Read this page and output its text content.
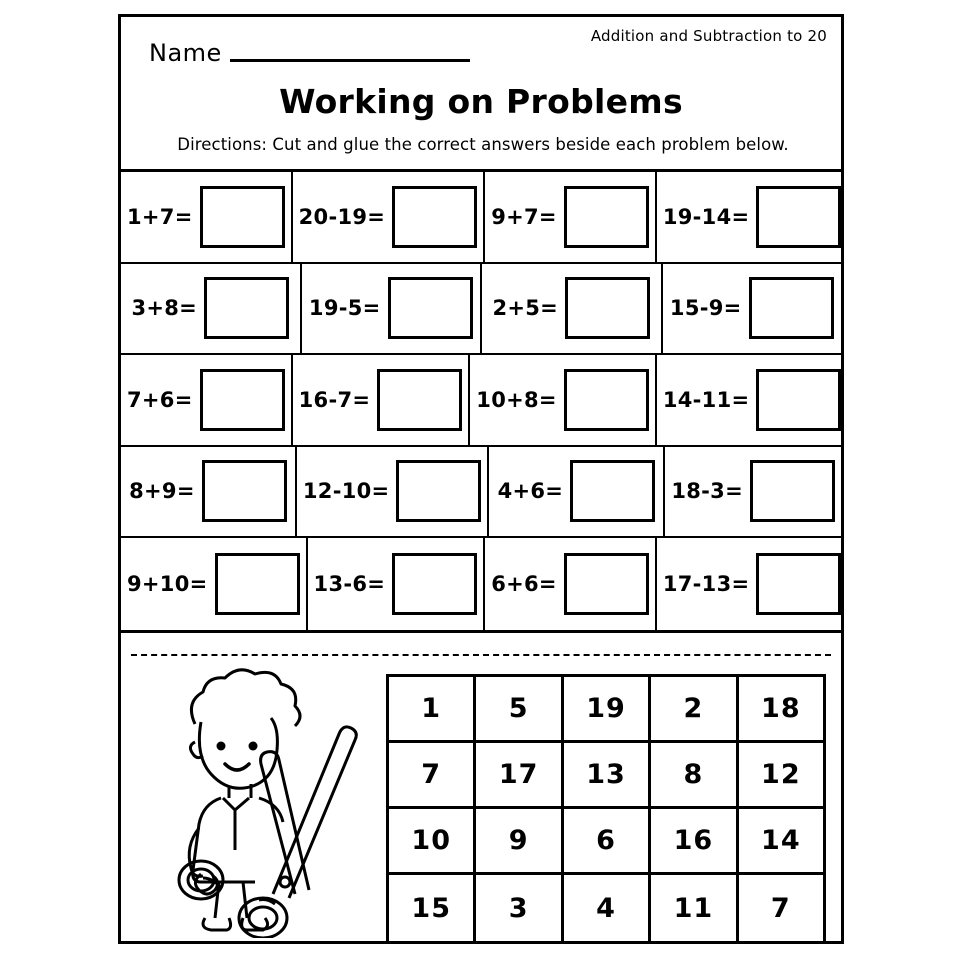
Addition and Subtraction to 20
Name
Working on Problems
Directions: Cut and glue the correct answers beside each problem below.
1+7=	20-19=	9+7=	19-14=
3+8=	19-5=	2+5=	15-9=
7+6=	16-7=	10+8=	14-11=
8+9=	12-10=	4+6=	18-3=
9+10=	13-6=	6+6=	17-13=
1	5	19	2	18
7	17	13	8	12
10	9	6	16	14
15	3	4	11	7
